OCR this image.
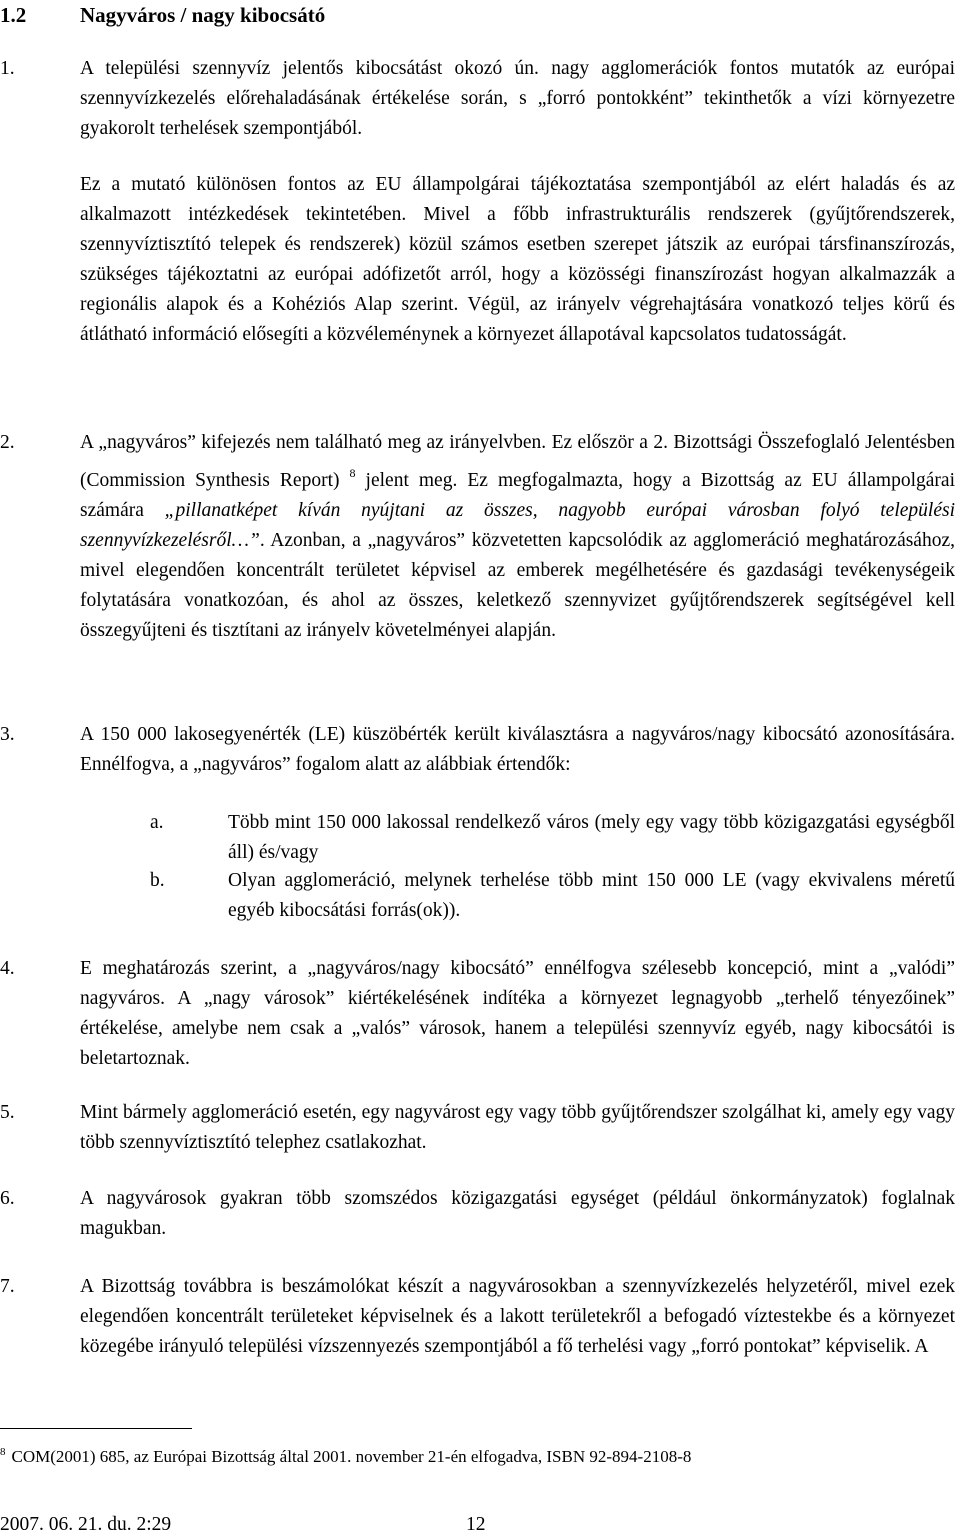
1.2	Nagyváros / nagy kibocsátó
1.	A települési szennyvíz jelentős kibocsátást okozó ún. nagy agglomerációk fontos mutatók az európai szennyvízkezelés előrehaladásának értékelése során, s „forró pontokként” tekinthetők a vízi környezetre gyakorolt terhelések szempontjából.
Ez a mutató különösen fontos az EU állampolgárai tájékoztatása szempontjából az elért haladás és az alkalmazott intézkedések tekintetében. Mivel a főbb infrastrukturális rendszerek (gyűjtőrendszerek, szennyvíztisztító telepek és rendszerek) közül számos esetben szerepet játszik az európai társfinanszírozás, szükséges tájékoztatni az európai adófizetőt arról, hogy a közösségi finanszírozást hogyan alkalmazzák a regionális alapok és a Kohéziós Alap szerint. Végül, az irányelv végrehajtására vonatkozó teljes körű és átlátható információ elősegíti a közvéleménynek a környezet állapotával kapcsolatos tudatosságát.
2.	A „nagyváros” kifejezés nem található meg az irányelvben. Ez először a 2. Bizottsági Összefoglaló Jelentésben (Commission Synthesis Report) $^8$ jelent meg. Ez megfogalmazta, hogy a Bizottság az EU állampolgárai számára „pillanatképet kíván nyújtani az összes, nagyobb európai városban folyó települési szennyvízkezelésről…”. Azonban, a „nagyváros” közvetetten kapcsolódik az agglomeráció meghatározásához, mivel elegendően koncentrált területet képvisel az emberek megélhetésére és gazdasági tevékenységeik folytatására vonatkozóan, és ahol az összes, keletkező szennyvizet gyűjtőrendszerek segítségével kell összegyűjteni és tisztítani az irányelv követelményei alapján.
3.	A 150 000 lakosegyenérték (LE) küszöbérték került kiválasztásra a nagyváros/nagy kibocsátó azonosítására. Ennélfogva, a „nagyváros” fogalom alatt az alábbiak értendők:
a.	Több mint 150 000 lakossal rendelkező város (mely egy vagy több közigazgatási egységből áll) és/vagy
b.	Olyan agglomeráció, melynek terhelése több mint 150 000 LE (vagy ekvivalens méretű egyéb kibocsátási forrás(ok)).
4.	E meghatározás szerint, a „nagyváros/nagy kibocsátó” ennélfogva szélesebb koncepció, mint a „valódi” nagyváros. A „nagy városok” kiértékelésének indítéka a környezet legnagyobb „terhelő tényezőinek” értékelése, amelybe nem csak a „valós” városok, hanem a települési szennyvíz egyéb, nagy kibocsátói is beletartoznak.
5.	Mint bármely agglomeráció esetén, egy nagyvárost egy vagy több gyűjtőrendszer szolgálhat ki, amely egy vagy több szennyvíztisztító telephez csatlakozhat.
6.	A nagyvárosok gyakran több szomszédos közigazgatási egységet (például önkormányzatok) foglalnak magukban.
7.	A Bizottság továbbra is beszámolókat készít a nagyvárosokban a szennyvízkezelés helyzetéről, mivel ezek elegendően koncentrált területeket képviselnek és a lakott területekről a befogadó víztestekbe és a környezet közegébe irányuló települési vízszennyezés szempontjából a fő terhelési vagy „forró pontokat” képviselik. A
$^8$ COM(2001) 685, az Európai Bizottság által 2001. november 21-én elfogadva, ISBN 92-894-2108-8
2007. 06. 21. du. 2:29	12
